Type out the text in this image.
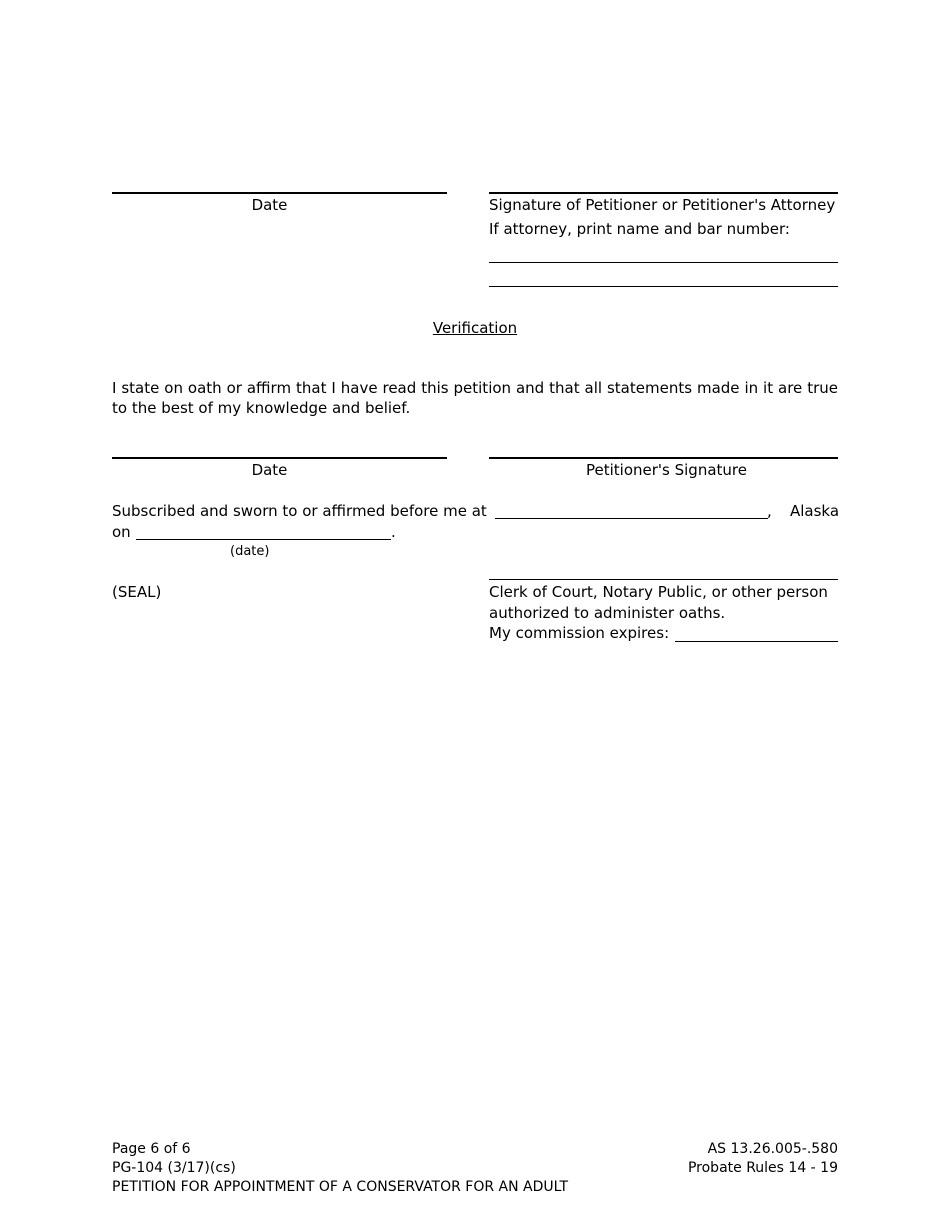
Date	Signature of Petitioner or Petitioner's Attorney
If attorney, print name and bar number:
Verification
I state on oath or affirm that I have read this petition and that all statements made in it are true to the best of my knowledge and belief.
Date	Petitioner's Signature
Subscribed and sworn to or affirmed before me at	, Alaska
on	.
(date)
(SEAL)	Clerk of Court, Notary Public, or other person
authorized to administer oaths.
My commission expires:
Page 6 of 6
PG-104 (3/17)(cs)
PETITION FOR APPOINTMENT OF A CONSERVATOR FOR AN ADULT
AS 13.26.005-.580
Probate Rules 14 - 19
